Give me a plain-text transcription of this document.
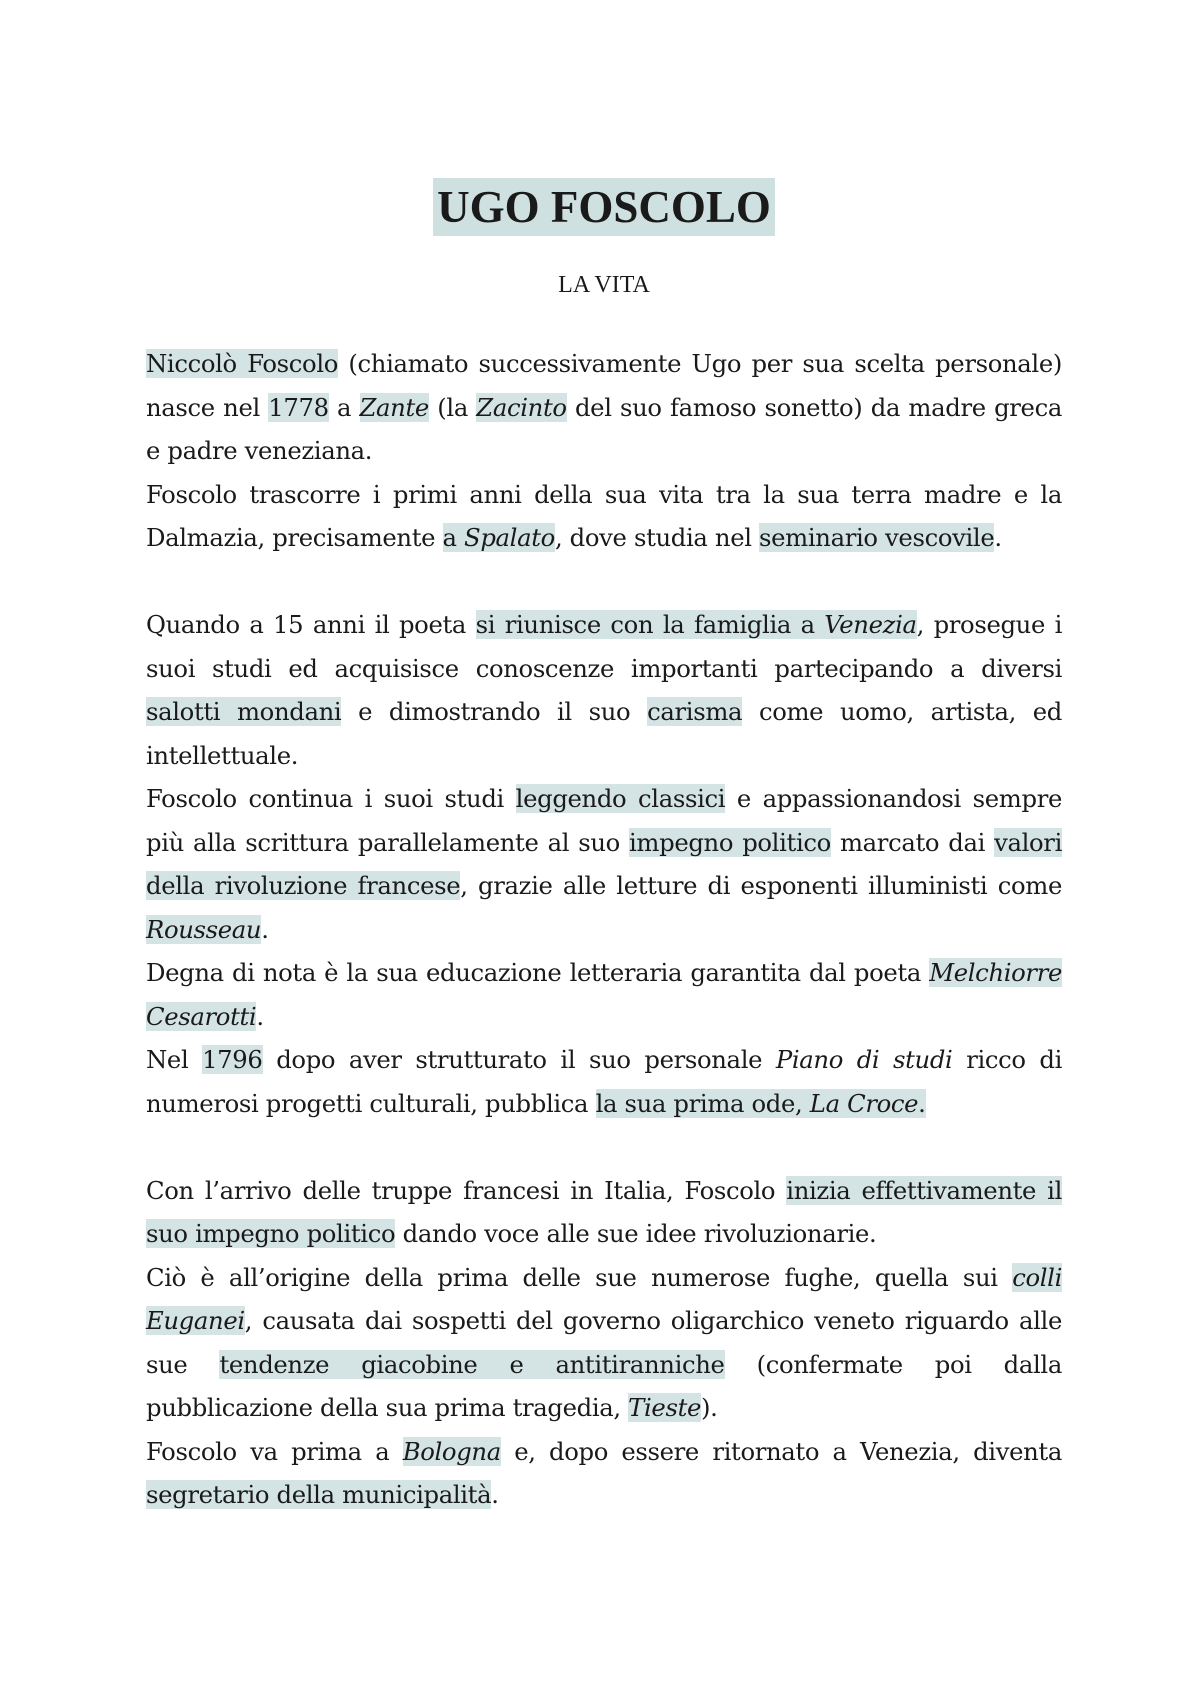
UGO FOSCOLO
LA VITA

Niccolò Foscolo (chiamato successivamente Ugo per sua scelta personale) nasce nel 1778 a Zante (la Zacinto del suo famoso sonetto) da madre greca e padre veneziana.

Foscolo trascorre i primi anni della sua vita tra la sua terra madre e la Dalmazia, precisamente a Spalato, dove studia nel seminario vescovile.

Quando a 15 anni il poeta si riunisce con la famiglia a Venezia, prosegue i suoi studi ed acquisisce conoscenze importanti partecipando a diversi salotti mondani e dimostrando il suo carisma come uomo, artista, ed intellettuale.

Foscolo continua i suoi studi leggendo classici e appassionandosi sempre più alla scrittura parallelamente al suo impegno politico marcato dai valori della rivoluzione francese, grazie alle letture di esponenti illuministi come Rousseau.

Degna di nota è la sua educazione letteraria garantita dal poeta Melchiorre Cesarotti.

Nel 1796 dopo aver strutturato il suo personale Piano di studi ricco di numerosi progetti culturali, pubblica la sua prima ode, La Croce.

Con l’arrivo delle truppe francesi in Italia, Foscolo inizia effettivamente il suo impegno politico dando voce alle sue idee rivoluzionarie.

Ciò è all’origine della prima delle sue numerose fughe, quella sui colli Euganei, causata dai sospetti del governo oligarchico veneto riguardo alle sue tendenze giacobine e antitiranniche (confermate poi dalla pubblicazione della sua prima tragedia, Tieste).

Foscolo va prima a Bologna e, dopo essere ritornato a Venezia, diventa segretario della municipalità.
